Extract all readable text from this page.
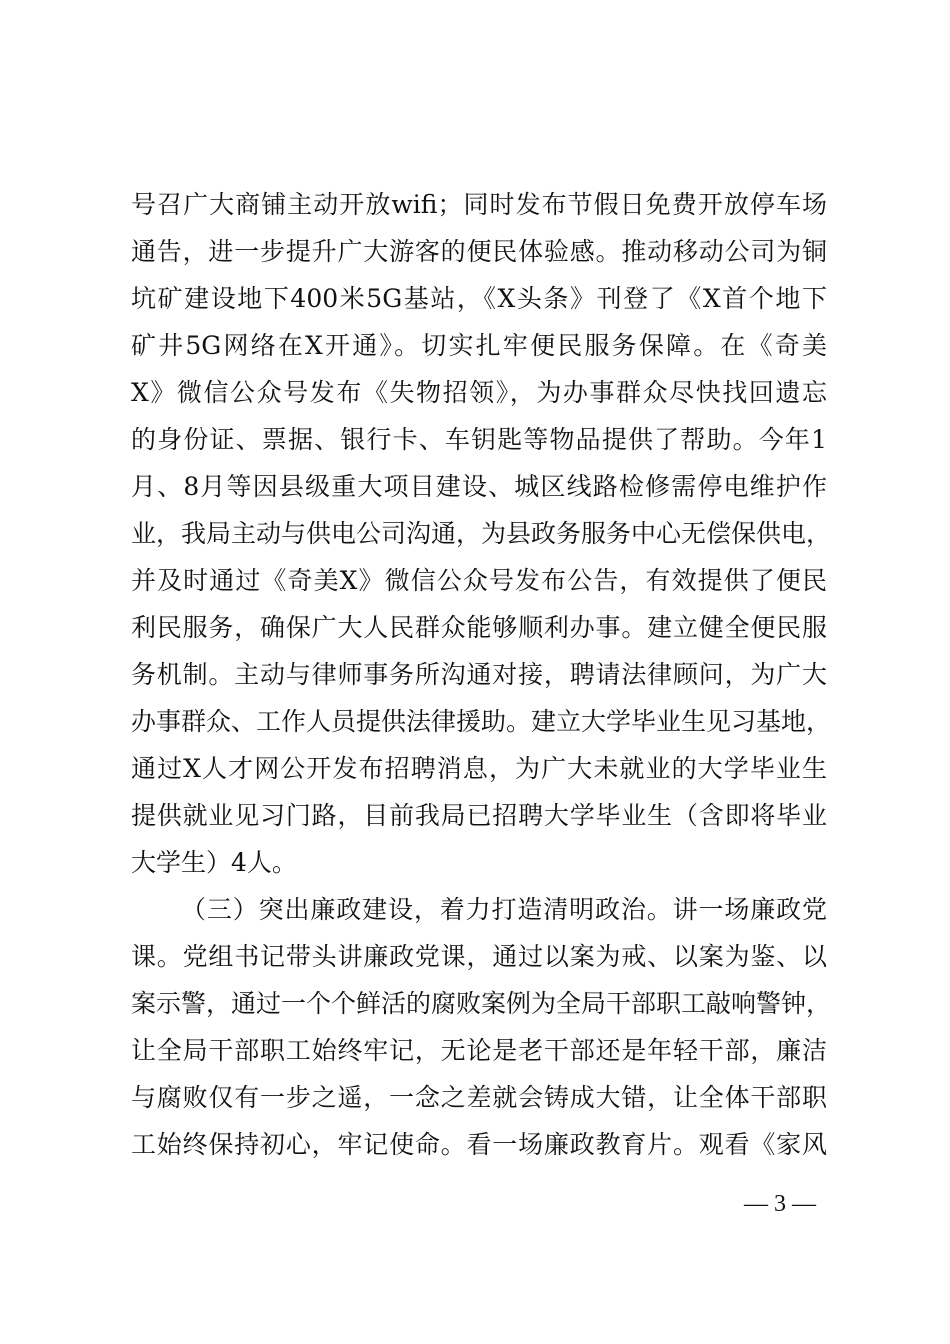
号召广大商铺主动开放wifi；同时发布节假日免费开放停车场
通告，进一步提升广大游客的便民体验感。推动移动公司为铜
坑矿建设地下400米5G基站，《X头条》刊登了《X首个地下
矿井5G网络在X开通》。切实扎牢便民服务保障。在《奇美
X》微信公众号发布《失物招领》，为办事群众尽快找回遗忘
的身份证、票据、银行卡、车钥匙等物品提供了帮助。今年1
月、8月等因县级重大项目建设、城区线路检修需停电维护作
业，我局主动与供电公司沟通，为县政务服务中心无偿保供电，
并及时通过《奇美X》微信公众号发布公告，有效提供了便民
利民服务，确保广大人民群众能够顺利办事。建立健全便民服
务机制。主动与律师事务所沟通对接，聘请法律顾问，为广大
办事群众、工作人员提供法律援助。建立大学毕业生见习基地，
通过X人才网公开发布招聘消息，为广大未就业的大学毕业生
提供就业见习门路，目前我局已招聘大学毕业生（含即将毕业
大学生）4人。
（三）突出廉政建设，着力打造清明政治。讲一场廉政党
课。党组书记带头讲廉政党课，通过以案为戒、以案为鉴、以
案示警，通过一个个鲜活的腐败案例为全局干部职工敲响警钟，
让全局干部职工始终牢记，无论是老干部还是年轻干部，廉洁
与腐败仅有一步之遥，一念之差就会铸成大错，让全体干部职
工始终保持初心，牢记使命。看一场廉政教育片。观看《家风
— 3 —
